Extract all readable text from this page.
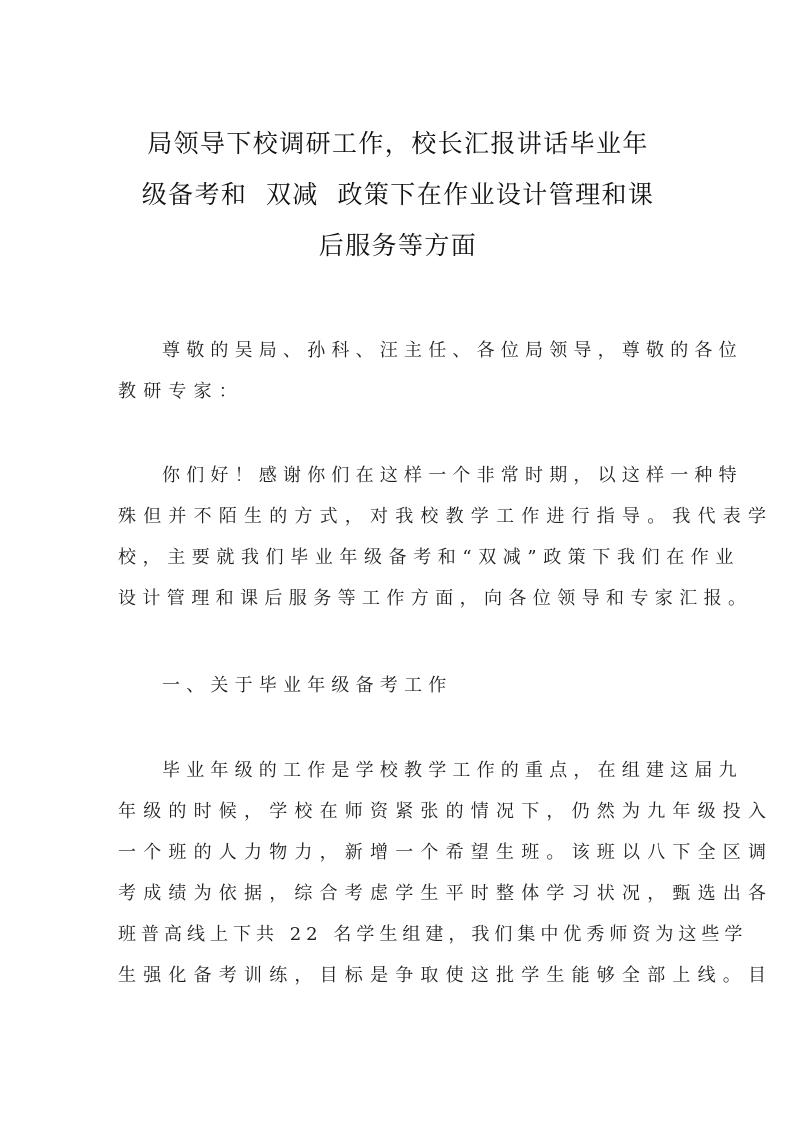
局领导下校调研工作，校长汇报讲话毕业年
级备考和  双减  政策下在作业设计管理和课
后服务等方面

尊敬的吴局、孙科、汪主任、各位局领导，尊敬的各位
教研专家：

你们好！感谢你们在这样一个非常时期，以这样一种特
殊但并不陌生的方式，对我校教学工作进行指导。我代表学
校，主要就我们毕业年级备考和“双减”政策下我们在作业
设计管理和课后服务等工作方面，向各位领导和专家汇报。

一、关于毕业年级备考工作

毕业年级的工作是学校教学工作的重点，在组建这届九
年级的时候，学校在师资紧张的情况下，仍然为九年级投入
一个班的人力物力，新增一个希望生班。该班以八下全区调
考成绩为依据，综合考虑学生平时整体学习状况，甄选出各
班普高线上下共 22 名学生组建，我们集中优秀师资为这些学
生强化备考训练，目标是争取使这批学生能够全部上线。目
